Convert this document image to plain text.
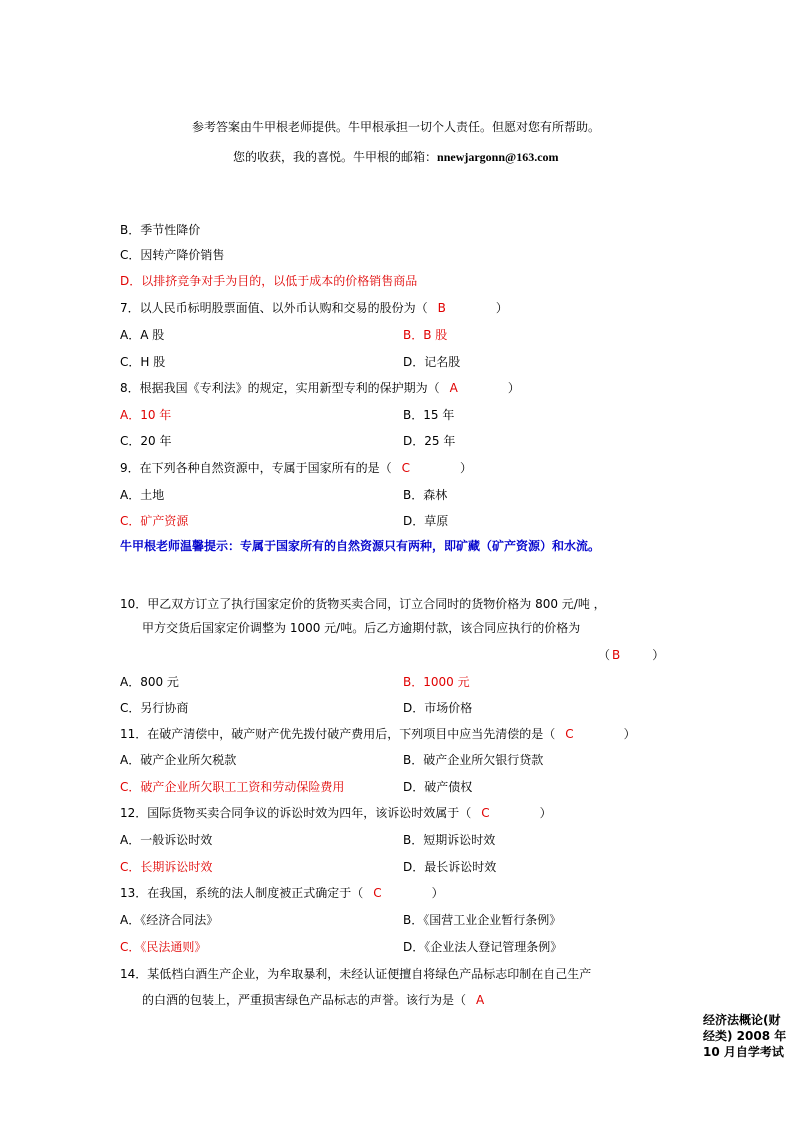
参考答案由牛甲根老师提供。牛甲根承担一切个人责任。但愿对您有所帮助。
您的收获，我的喜悦。牛甲根的邮箱：nnewjargonn@163.com
B．季节性降价
C．因转产降价销售
D．以排挤竞争对手为目的，以低于成本的价格销售商品
7．以人民币标明股票面值、以外币认购和交易的股份为（ B	）
A．A 股	B．B 股
C．H 股	D．记名股
8．根据我国《专利法》的规定，实用新型专利的保护期为（ A	）
A．10 年	B．15 年
C．20 年	D．25 年
9．在下列各种自然资源中，专属于国家所有的是（ C	）
A．土地	B．森林
C．矿产资源	D．草原
牛甲根老师温馨提示：专属于国家所有的自然资源只有两种，即矿藏（矿产资源）和水流。
10．甲乙双方订立了执行国家定价的货物买卖合同，订立合同时的货物价格为 800 元/吨 ，
甲方交货后国家定价调整为 1000 元/吨。后乙方逾期付款，该合同应执行的价格为
（ B	）
A．800 元	B．1000 元
C．另行协商	D．市场价格
11．在破产清偿中，破产财产优先拨付破产费用后，下列项目中应当先清偿的是（ C	）
A．破产企业所欠税款	B．破产企业所欠银行贷款
C．破产企业所欠职工工资和劳动保险费用	D．破产债权
12．国际货物买卖合同争议的诉讼时效为四年，该诉讼时效属于（ C	）
A．一般诉讼时效	B．短期诉讼时效
C．长期诉讼时效	D．最长诉讼时效
13．在我国，系统的法人制度被正式确定于（ C	）
A．《经济合同法》	B．《国营工业企业暂行条例》
C．《民法通则》	D．《企业法人登记管理条例》
14．某低档白酒生产企业，为牟取暴利，未经认证便擅自将绿色产品标志印制在自己生产
的白酒的包装上，严重损害绿色产品标志的声誉。该行为是（ A
经济法概论(财经类) 2008 年 10 月自学考试
